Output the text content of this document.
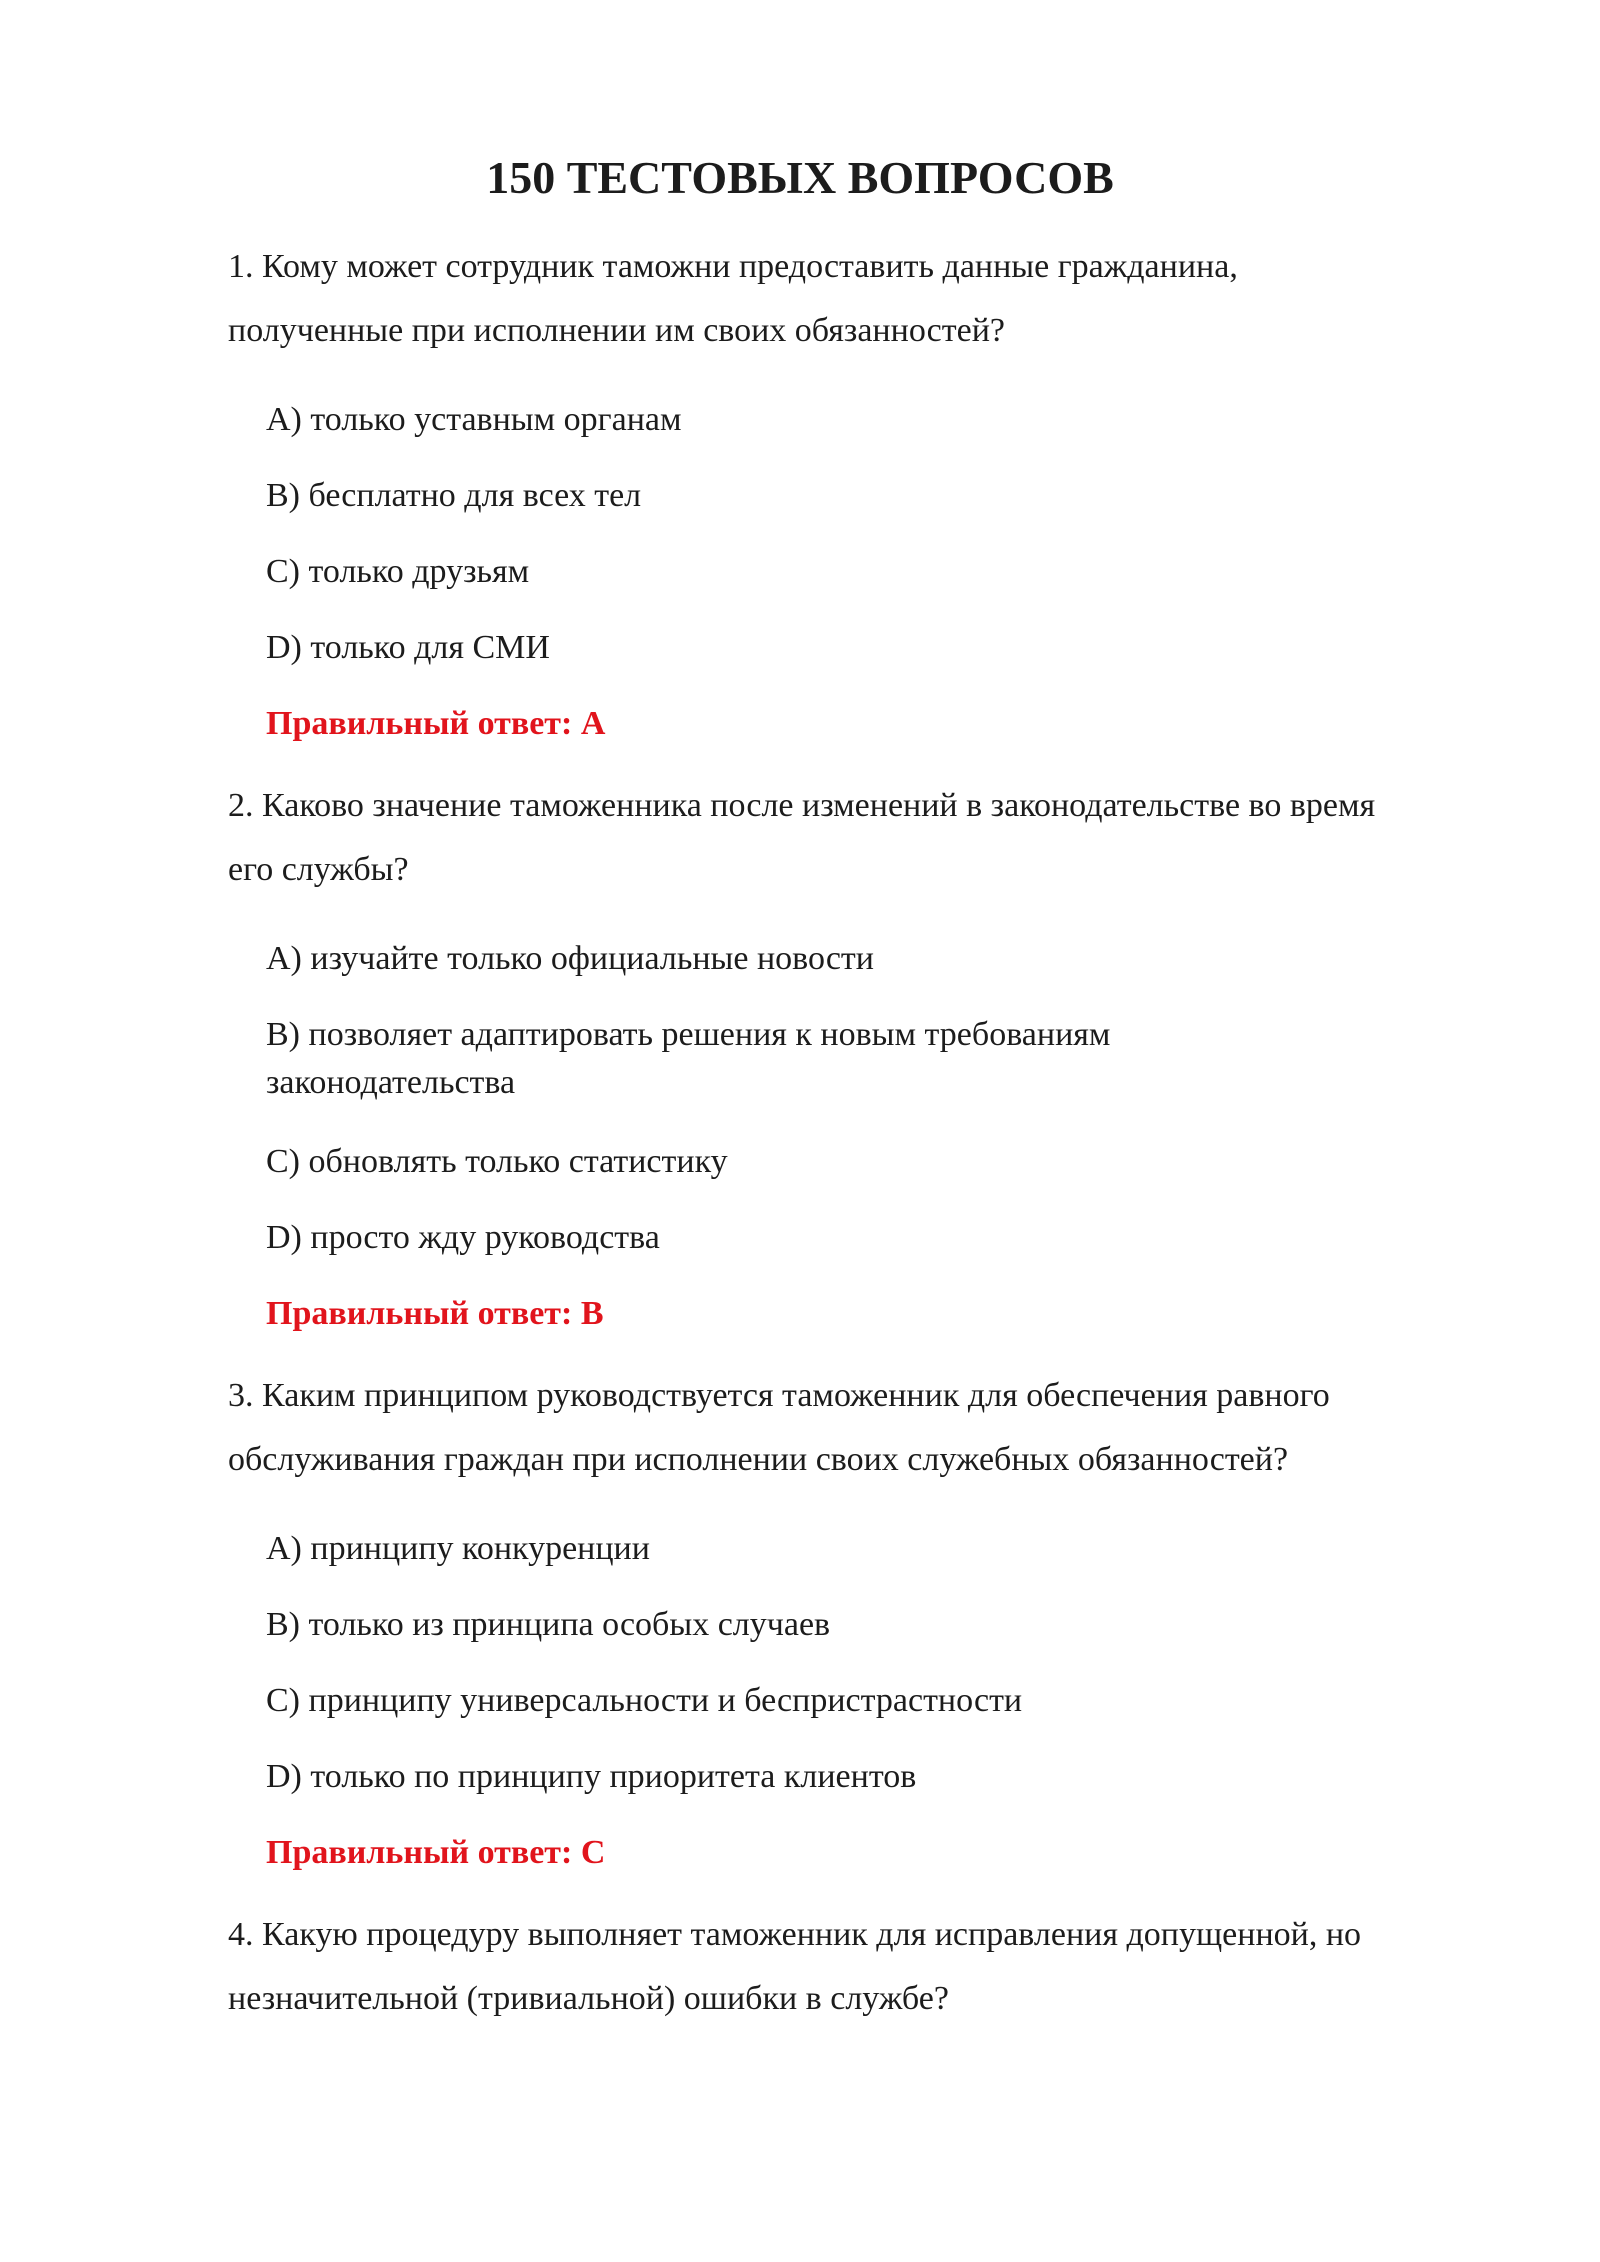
150 ТЕСТОВЫХ ВОПРОСОВ

1. Кому может сотрудник таможни предоставить данные гражданина, полученные при исполнении им своих обязанностей?

A) только уставным органам
B) бесплатно для всех тел
C) только друзьям
D) только для СМИ
Правильный ответ: A

2. Каково значение таможенника после изменений в законодательстве во время его службы?

A) изучайте только официальные новости
B) позволяет адаптировать решения к новым требованиям законодательства
C) обновлять только статистику
D) просто жду руководства
Правильный ответ: B

3. Каким принципом руководствуется таможенник для обеспечения равного обслуживания граждан при исполнении своих служебных обязанностей?

A) принципу конкуренции
B) только из принципа особых случаев
C) принципу универсальности и беспристрастности
D) только по принципу приоритета клиентов
Правильный ответ: C

4. Какую процедуру выполняет таможенник для исправления допущенной, но незначительной (тривиальной) ошибки в службе?
